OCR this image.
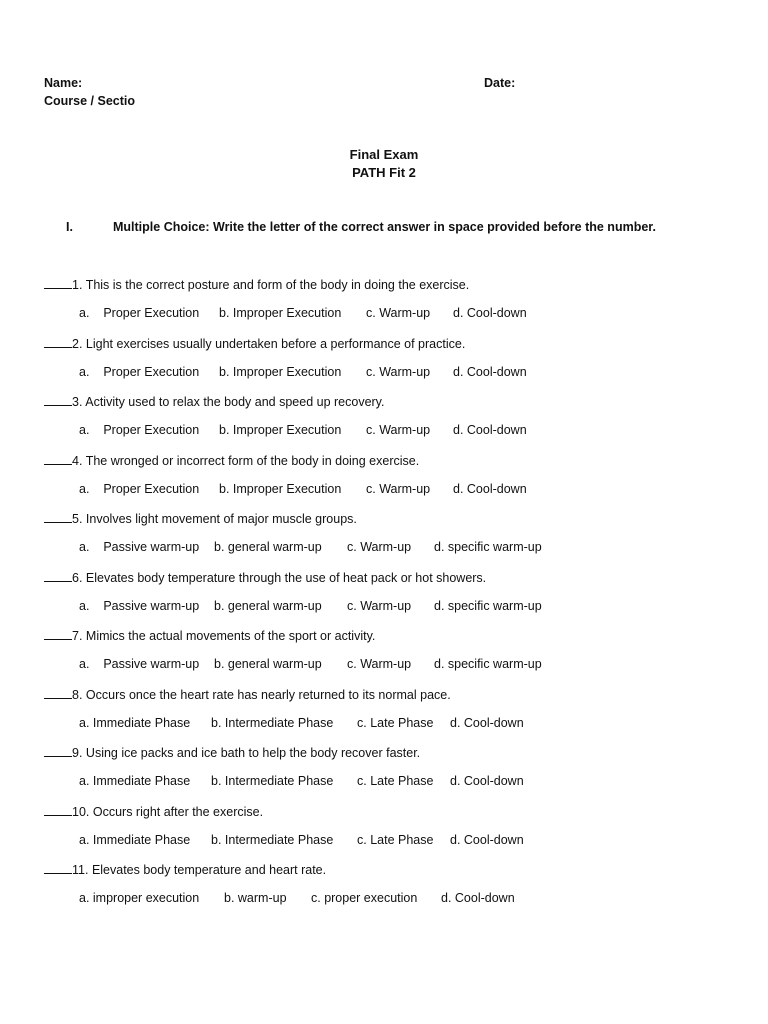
Name:	Date:
Course / Sectio
Final Exam
PATH Fit 2
I.	Multiple Choice: Write the letter of the correct answer in space provided before the number.
1. This is the correct posture and form of the body in doing the exercise.
a.    Proper Execution b. Improper Execution c. Warm-up d. Cool-down
2. Light exercises usually undertaken before a performance of practice.
a.    Proper Execution b. Improper Execution c. Warm-up d. Cool-down
3. Activity used to relax the body and speed up recovery.
a.    Proper Execution b. Improper Execution c. Warm-up d. Cool-down
4. The wronged or incorrect form of the body in doing exercise.
a.    Proper Execution b. Improper Execution c. Warm-up d. Cool-down
5. Involves light movement of major muscle groups.
a.    Passive warm-up b. general warm-up c. Warm-up d. specific warm-up
6. Elevates body temperature through the use of heat pack or hot showers.
a.    Passive warm-up b. general warm-up c. Warm-up d. specific warm-up
7. Mimics the actual movements of the sport or activity.
a.    Passive warm-up b. general warm-up c. Warm-up d. specific warm-up
8. Occurs once the heart rate has nearly returned to its normal pace.
a. Immediate Phase b. Intermediate Phase c. Late Phase d. Cool-down
9. Using ice packs and ice bath to help the body recover faster.
a. Immediate Phase b. Intermediate Phase c. Late Phase d. Cool-down
10. Occurs right after the exercise.
a. Immediate Phase b. Intermediate Phase c. Late Phase d. Cool-down
11. Elevates body temperature and heart rate.
a. improper execution b. warm-up c. proper execution d. Cool-down
